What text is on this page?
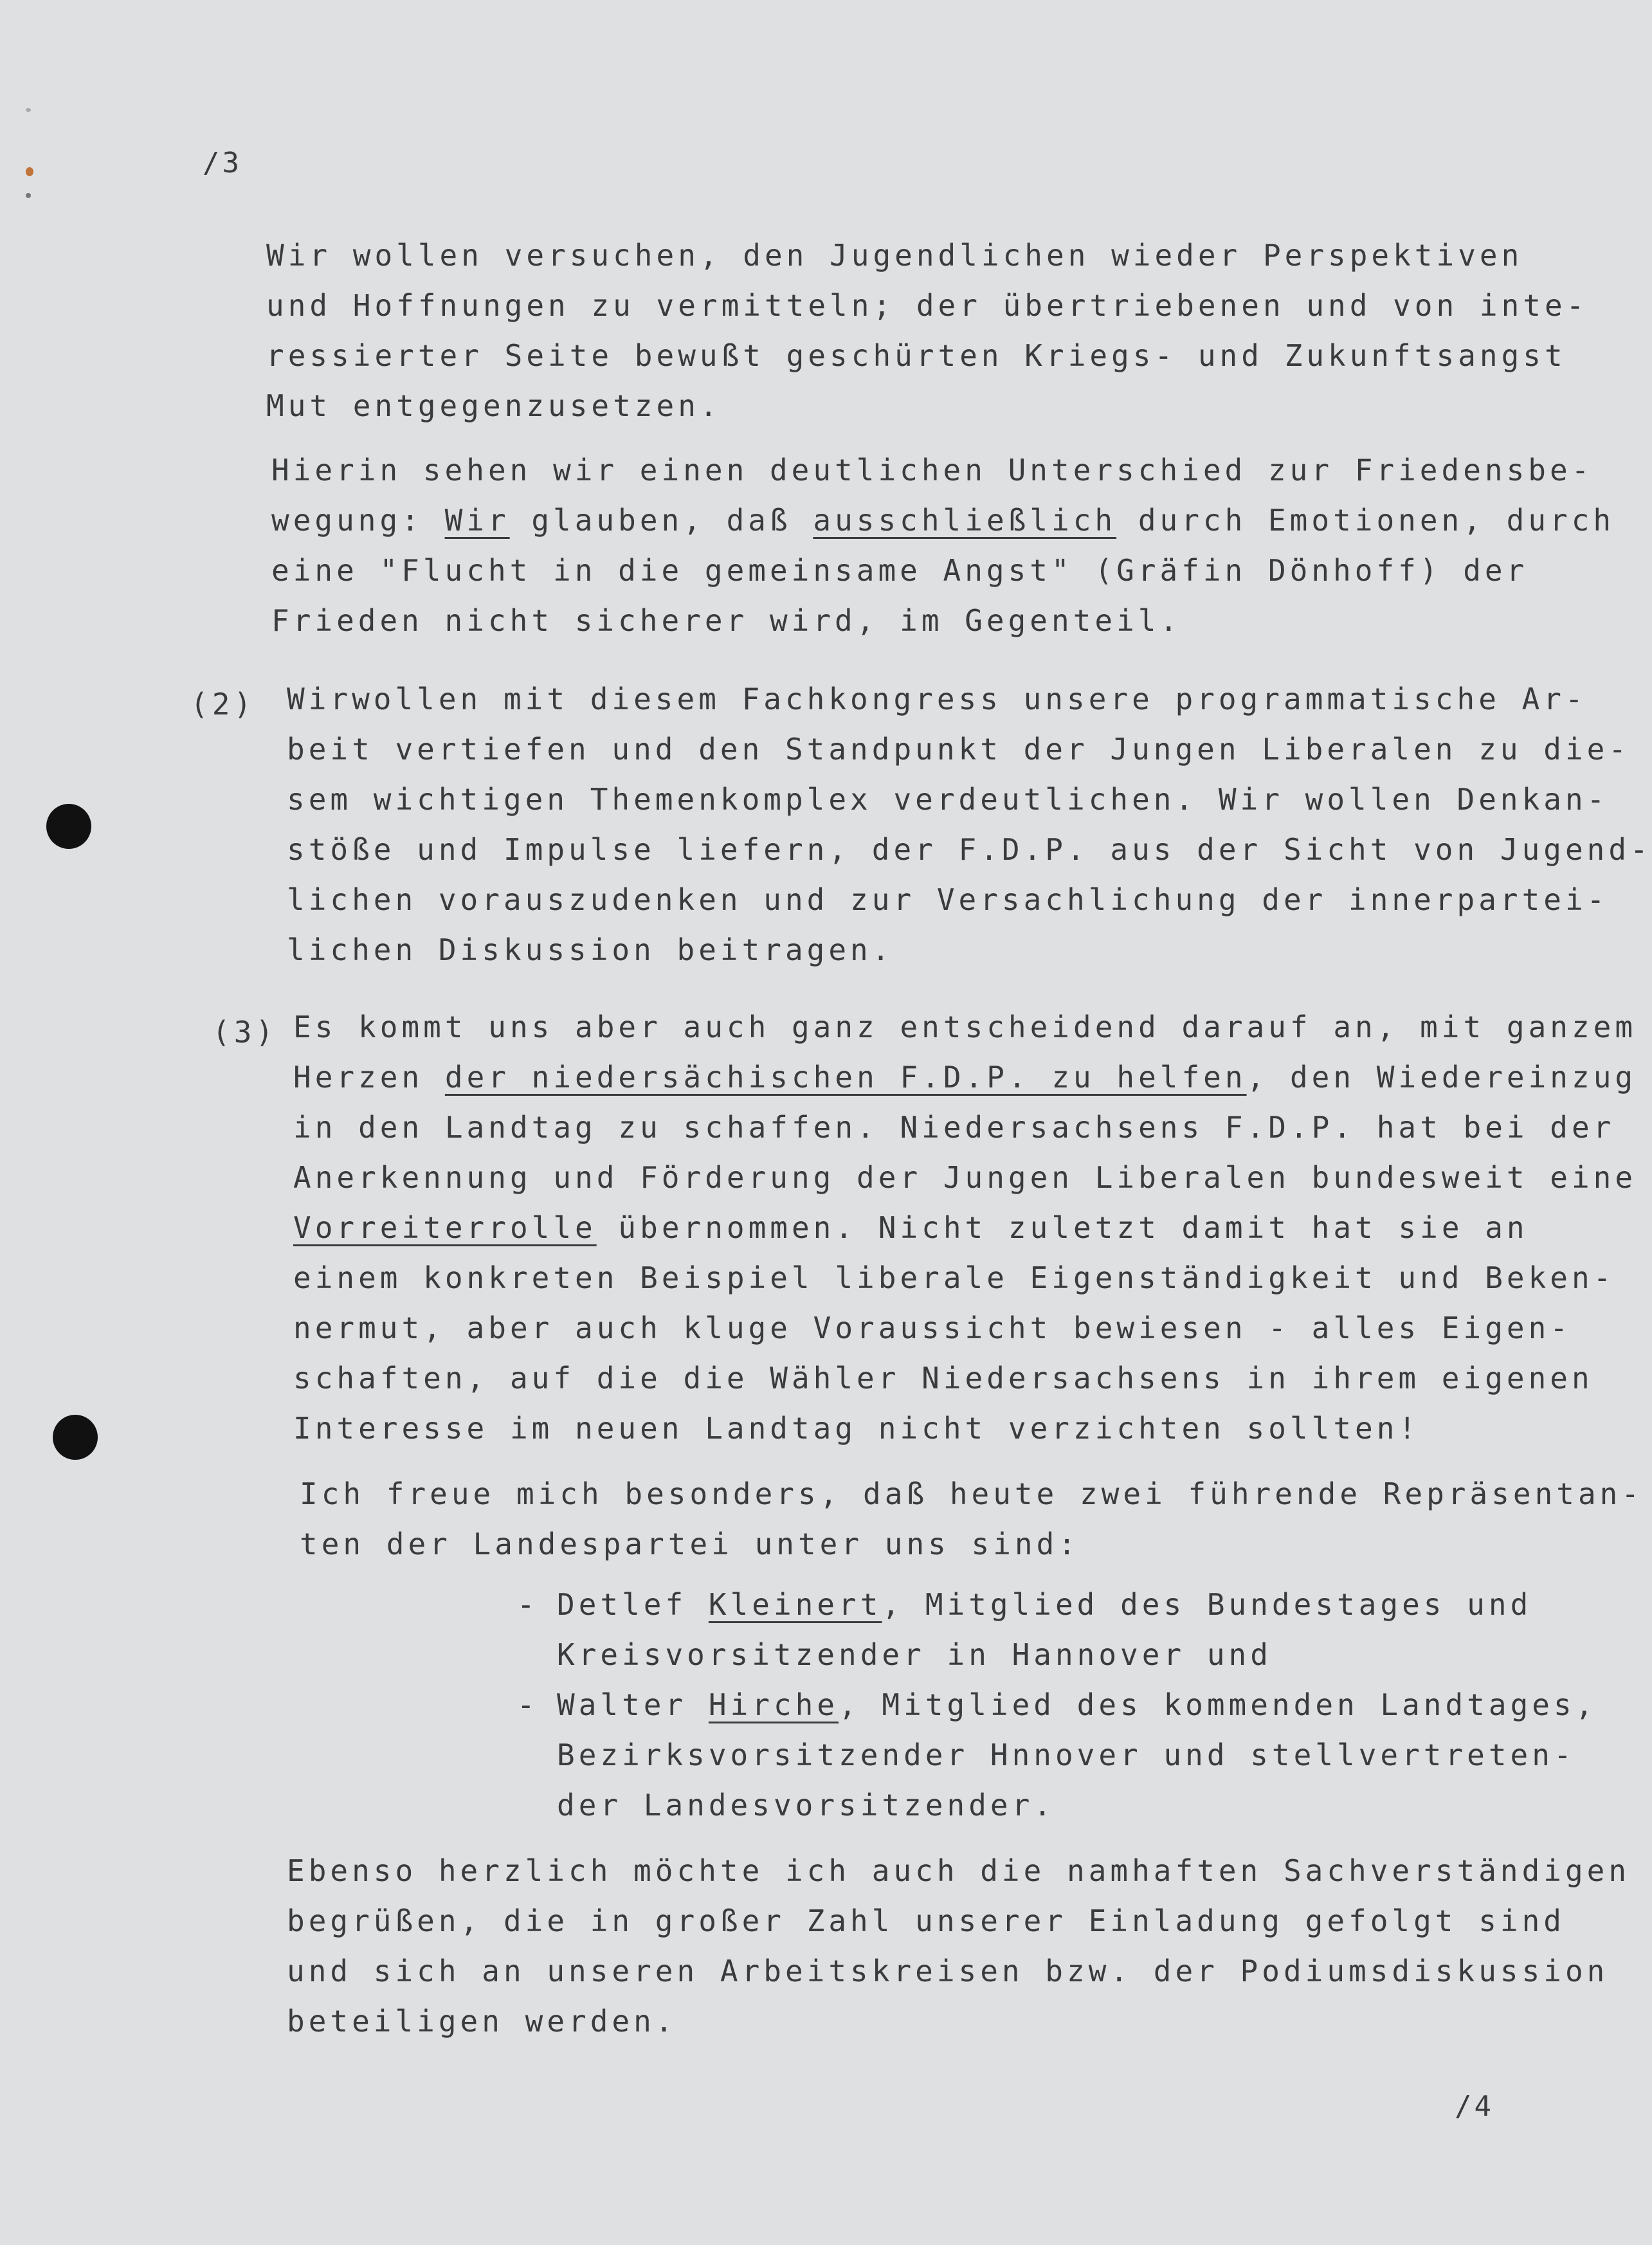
/3
Wir wollen versuchen, den Jugendlichen wieder Perspektiven
und Hoffnungen zu vermitteln; der übertriebenen und von inte-
ressierter Seite bewußt geschürten Kriegs- und Zukunftsangst
Mut entgegenzusetzen.
Hierin sehen wir einen deutlichen Unterschied zur Friedensbe-
wegung: Wir glauben, daß ausschließlich durch Emotionen, durch
eine "Flucht in die gemeinsame Angst" (Gräfin Dönhoff) der
Frieden nicht sicherer wird, im Gegenteil.
(2) Wirwollen mit diesem Fachkongress unsere programmatische Ar-
beit vertiefen und den Standpunkt der Jungen Liberalen zu die-
sem wichtigen Themenkomplex verdeutlichen. Wir wollen Denkan-
stöße und Impulse liefern, der F.D.P. aus der Sicht von Jugend-
lichen vorauszudenken und zur Versachlichung der innerpartei-
lichen Diskussion beitragen.
(3) Es kommt uns aber auch ganz entscheidend darauf an, mit ganzem
Herzen der niedersächischen F.D.P. zu helfen, den Wiedereinzug
in den Landtag zu schaffen. Niedersachsens F.D.P. hat bei der
Anerkennung und Förderung der Jungen Liberalen bundesweit eine
Vorreiterrolle übernommen. Nicht zuletzt damit hat sie an
einem konkreten Beispiel liberale Eigenständigkeit und Beken-
nermut, aber auch kluge Voraussicht bewiesen - alles Eigen-
schaften, auf die die Wähler Niedersachsens in ihrem eigenen
Interesse im neuen Landtag nicht verzichten sollten!
Ich freue mich besonders, daß heute zwei führende Repräsentan-
ten der Landespartei unter uns sind:
- Detlef Kleinert, Mitglied des Bundestages und
Kreisvorsitzender in Hannover und
- Walter Hirche, Mitglied des kommenden Landtages,
Bezirksvorsitzender Hnnover und stellvertreten-
der Landesvorsitzender.
Ebenso herzlich möchte ich auch die namhaften Sachverständigen
begrüßen, die in großer Zahl unserer Einladung gefolgt sind
und sich an unseren Arbeitskreisen bzw. der Podiumsdiskussion
beteiligen werden.
/4
